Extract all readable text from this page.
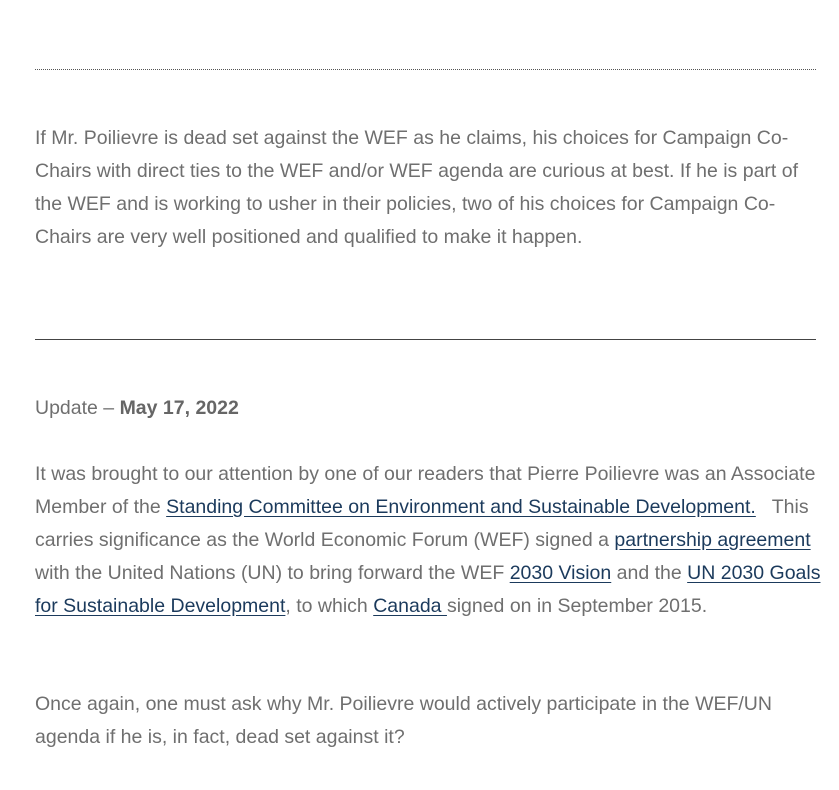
If Mr. Poilievre is dead set against the WEF as he claims, his choices for Campaign Co-Chairs with direct ties to the WEF and/or WEF agenda are curious at best. If he is part of the WEF and is working to usher in their policies, two of his choices for Campaign Co-Chairs are very well positioned and qualified to make it happen.

Update – May 17, 2022

It was brought to our attention by one of our readers that Pierre Poilievre was an Associate Member of the Standing Committee on Environment and Sustainable Development.   This carries significance as the World Economic Forum (WEF) signed a partnership agreement with the United Nations (UN) to bring forward the WEF 2030 Vision and the UN 2030 Goals for Sustainable Development, to which Canada signed on in September 2015.

Once again, one must ask why Mr. Poilievre would actively participate in the WEF/UN agenda if he is, in fact, dead set against it?
